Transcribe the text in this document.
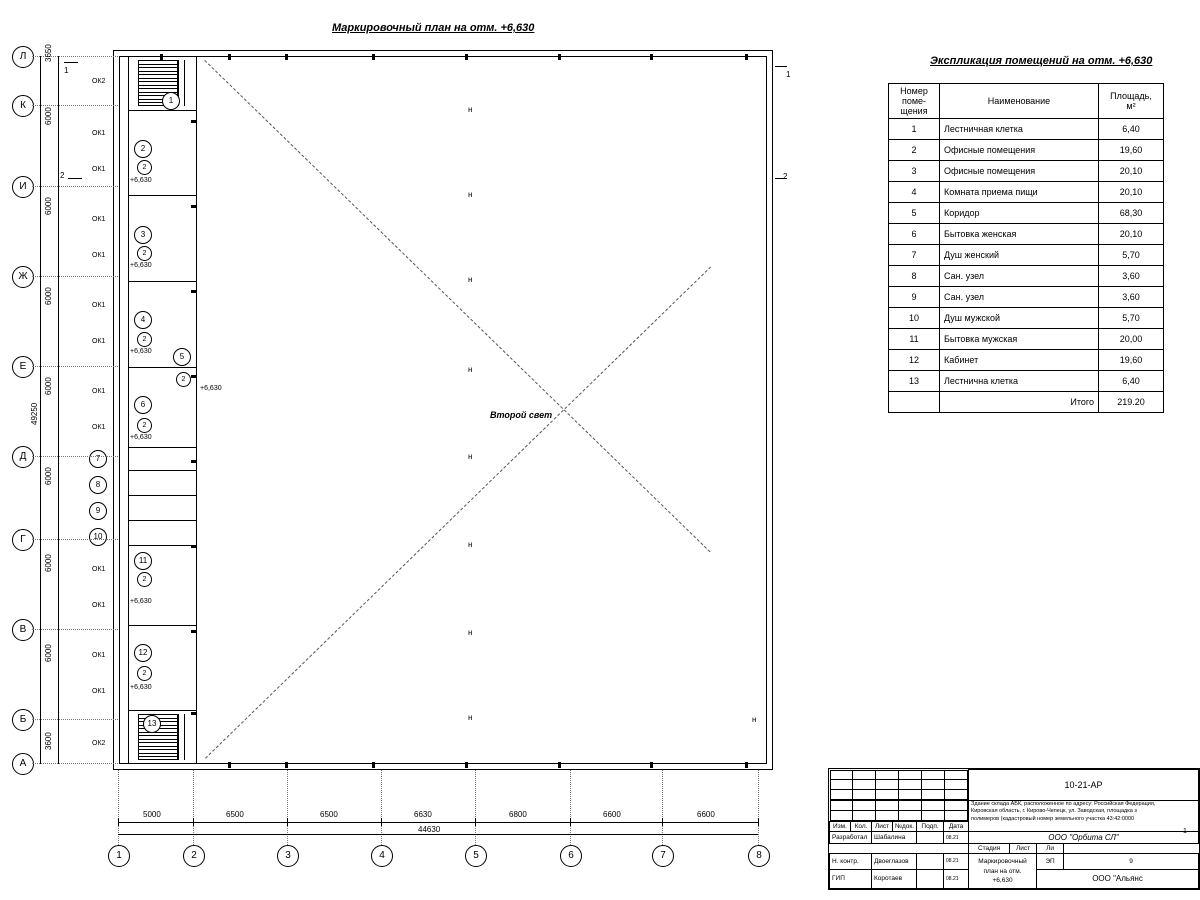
Маркировочный план на отм. +6,630
Экспликация помещений на отм. +6,630
Второй свет
н
н
н
н
н
н
н
н	н
1
2
3
4
5
6
7
8
9
10
11
12
13
ОК2
ОК1
ОК1
ОК1
ОК1
ОК1
ОК1
ОК1
ОК1
ОК1
ОК1
ОК1
ОК1
ОК2
2
2
2
2
2
2
2
+6,630
+6,630
+6,630
+6,630
+6,630
+6,630
+6,630
1
2
1
2
Л
К
И
Ж
Е
Д
Г
В
Б
А
3650
6000
6000
6000
6000
6000
6000
6000
3600
49250
1	2	3	4	5	6	7	8
5000	6500	6500	6630	6800	6600	6600
44630
Номер
поме-
щения	Наименование	Площадь,
м²
1	Лестничная клетка	6,40
2	Офисные помещения	19,60
3	Офисные помещения	20,10
4	Комната приема пищи	20,10
5	Коридор	68,30
6	Бытовка женская	20,10
7	Душ женский	5,70
8	Сан. узел	3,60
9	Сан. узел	3,60
10	Душ мужской	5,70
11	Бытовка мужская	20,00
12	Кабинет	19,60
13	Лестнична клетка	6,40
	Итого	219.20

	10-21-АР

Здание склада АБК, расположенное по адресу: Российская Федерация,
Кировская область, г. Кирово-Чепецк, ул. Заводская, площадка з
полимеров (кадастровый номер земельного участка 43:42:0000

Изм.	Кол.	Лист	№док.	Подп.	Дата
Разработал	Шабалина		08.21	ООО "Орбита СЛ"
				Стадия	Лист	Ли	
Н. контр.	Двоеглазов		08.21	Маркировочный план на отм.
+6,630
	ЭП	9
ГИП	Коротаев		08.21	ООО "Альянс
1
